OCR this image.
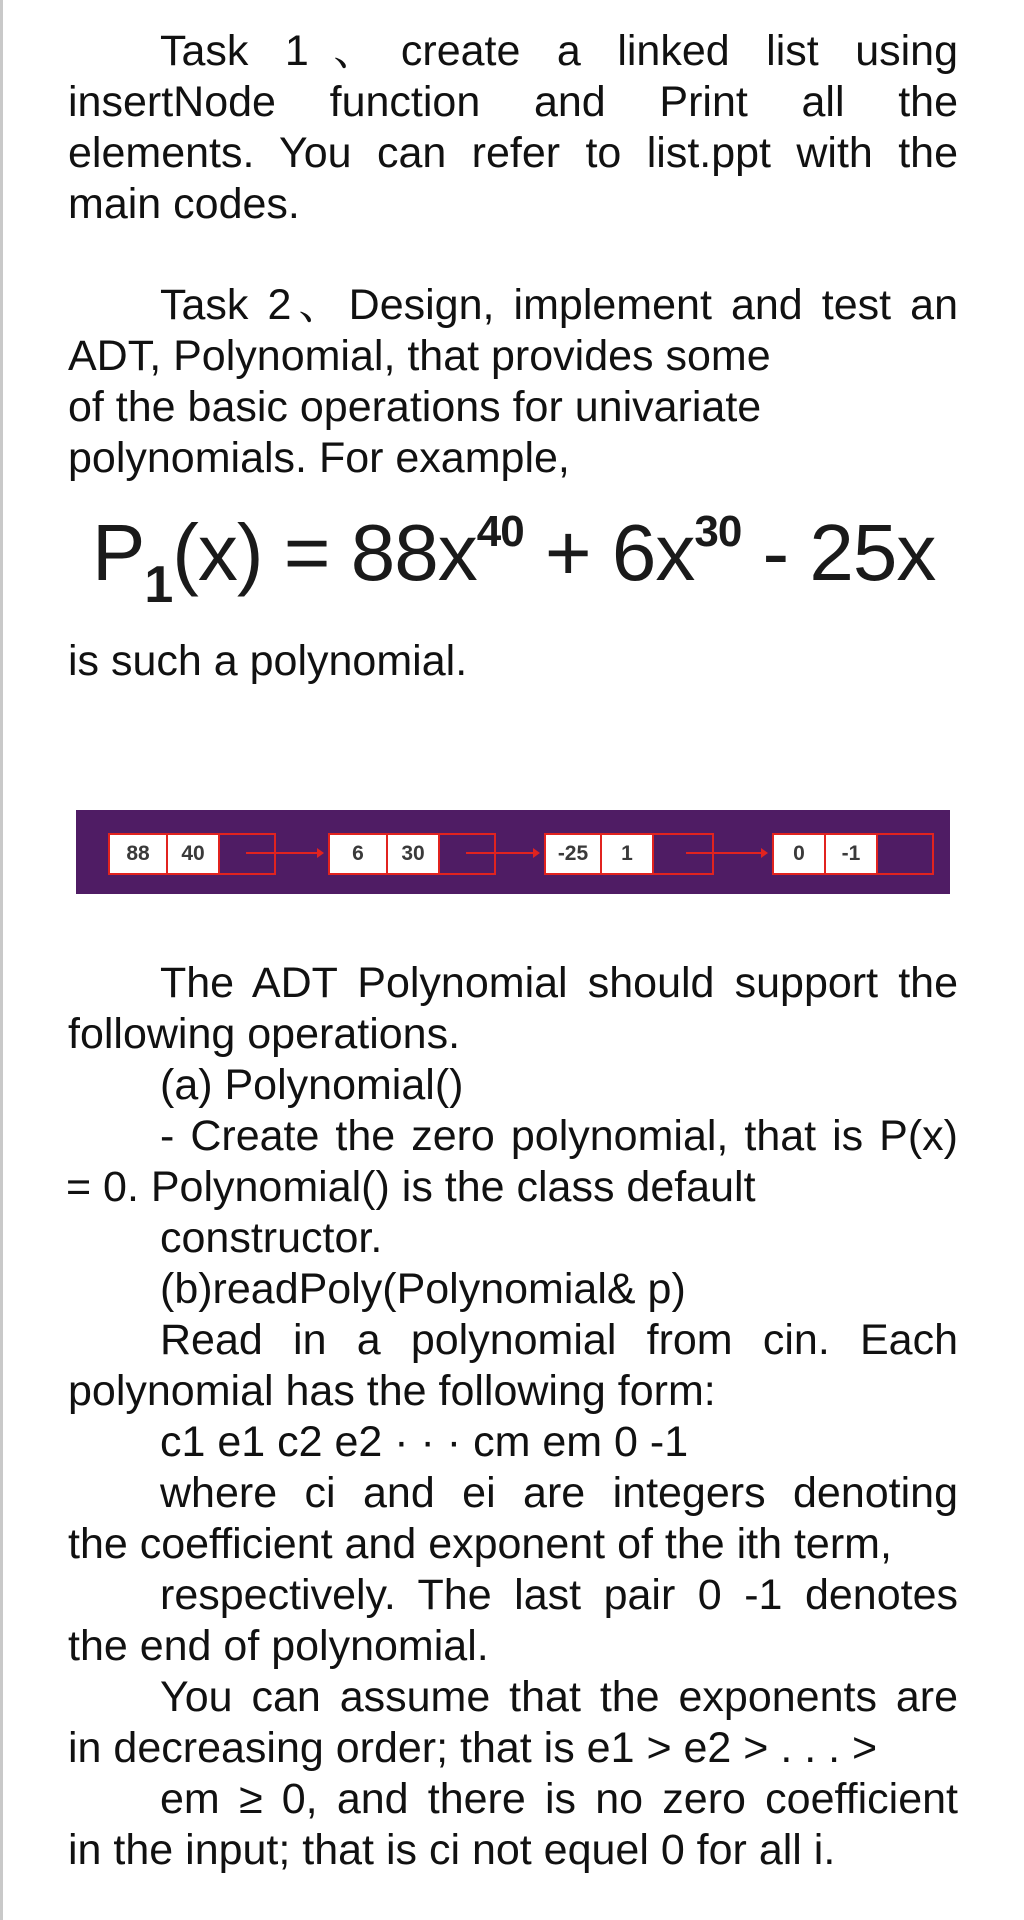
Task 1、create a linked list using
insertNode function and Print all the
elements. You can refer to list.ppt with the
main codes.
Task 2、Design, implement and test an
ADT, Polynomial, that provides some
of the basic operations for univariate
polynomials. For example,
$P_1(x) = 88x^{40} + 6x^{30} - 25x$
is such a polynomial.
88	40	6	30	-25	1	0	-1
The ADT Polynomial should support the
following operations.
(a) Polynomial()
- Create the zero polynomial, that is P(x)
= 0. Polynomial() is the class default
constructor.
(b)readPoly(Polynomial& p)
Read in a polynomial from cin. Each
polynomial has the following form:
c1 e1 c2 e2 · · · cm em 0 -1
where ci and ei are integers denoting
the coefficient and exponent of the ith term,
respectively. The last pair 0 -1 denotes
the end of polynomial.
You can assume that the exponents are
in decreasing order; that is e1 > e2 > . . . >
em ≥ 0, and there is no zero coefficient
in the input; that is ci not equel 0 for all i.
